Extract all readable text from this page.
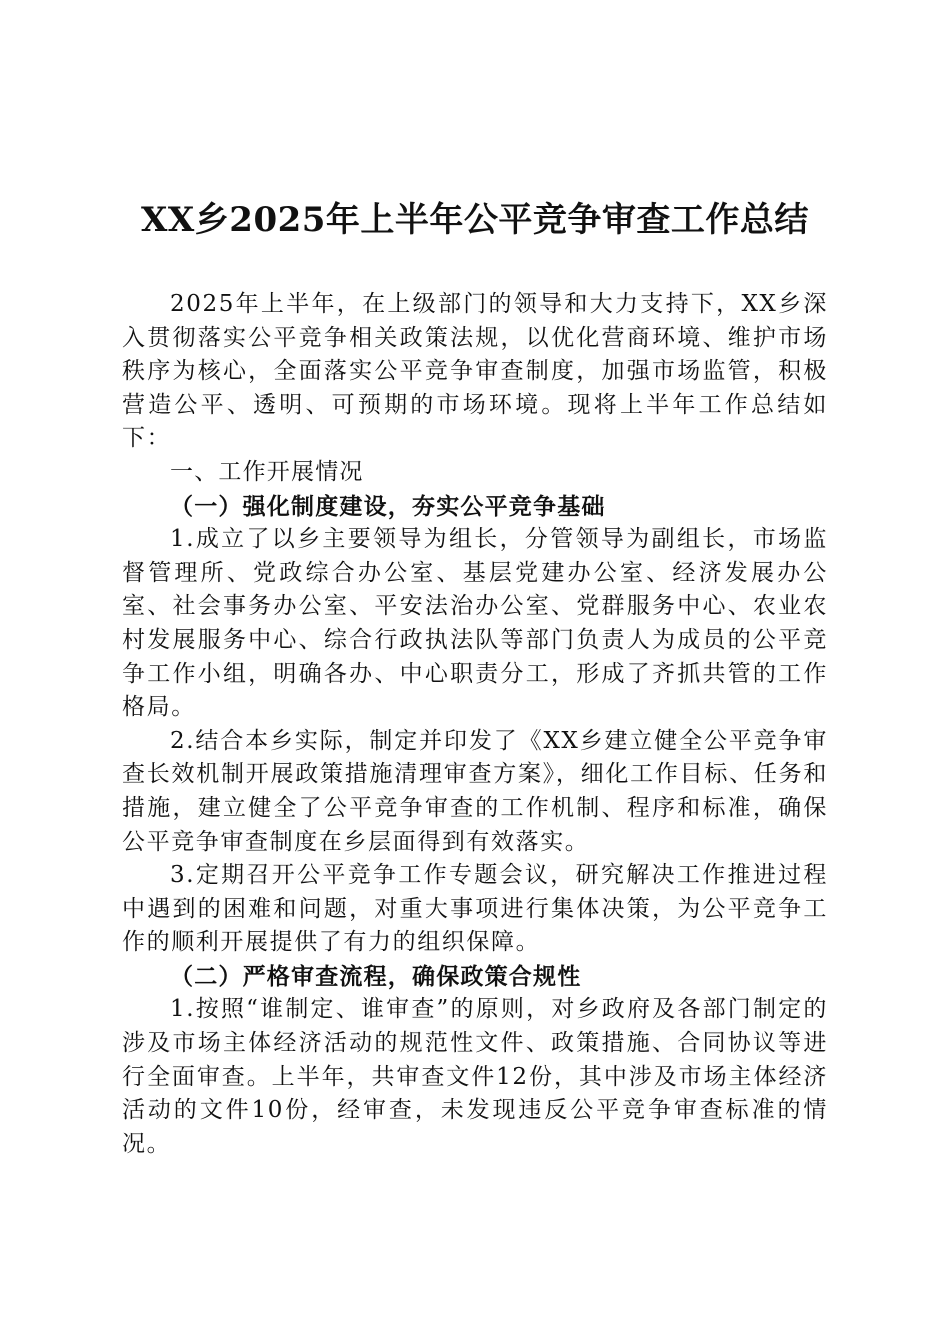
XX乡2025年上半年公平竞争审查工作总结

2025年上半年，在上级部门的领导和大力支持下，XX乡深入贯彻落实公平竞争相关政策法规，以优化营商环境、维护市场秩序为核心，全面落实公平竞争审查制度，加强市场监管，积极营造公平、透明、可预期的市场环境。现将上半年工作总结如下：

一、工作开展情况

（一）强化制度建设，夯实公平竞争基础

1.成立了以乡主要领导为组长，分管领导为副组长，市场监督管理所、党政综合办公室、基层党建办公室、经济发展办公室、社会事务办公室、平安法治办公室、党群服务中心、农业农村发展服务中心、综合行政执法队等部门负责人为成员的公平竞争工作小组，明确各办、中心职责分工，形成了齐抓共管的工作格局。

2.结合本乡实际，制定并印发了《XX乡建立健全公平竞争审查长效机制开展政策措施清理审查方案》，细化工作目标、任务和措施，建立健全了公平竞争审查的工作机制、程序和标准，确保公平竞争审查制度在乡层面得到有效落实。

3.定期召开公平竞争工作专题会议，研究解决工作推进过程中遇到的困难和问题，对重大事项进行集体决策，为公平竞争工作的顺利开展提供了有力的组织保障。

（二）严格审查流程，确保政策合规性

1.按照“谁制定、谁审查”的原则，对乡政府及各部门制定的涉及市场主体经济活动的规范性文件、政策措施、合同协议等进行全面审查。上半年，共审查文件12份，其中涉及市场主体经济活动的文件10份，经审查，未发现违反公平竞争审查标准的情况。
